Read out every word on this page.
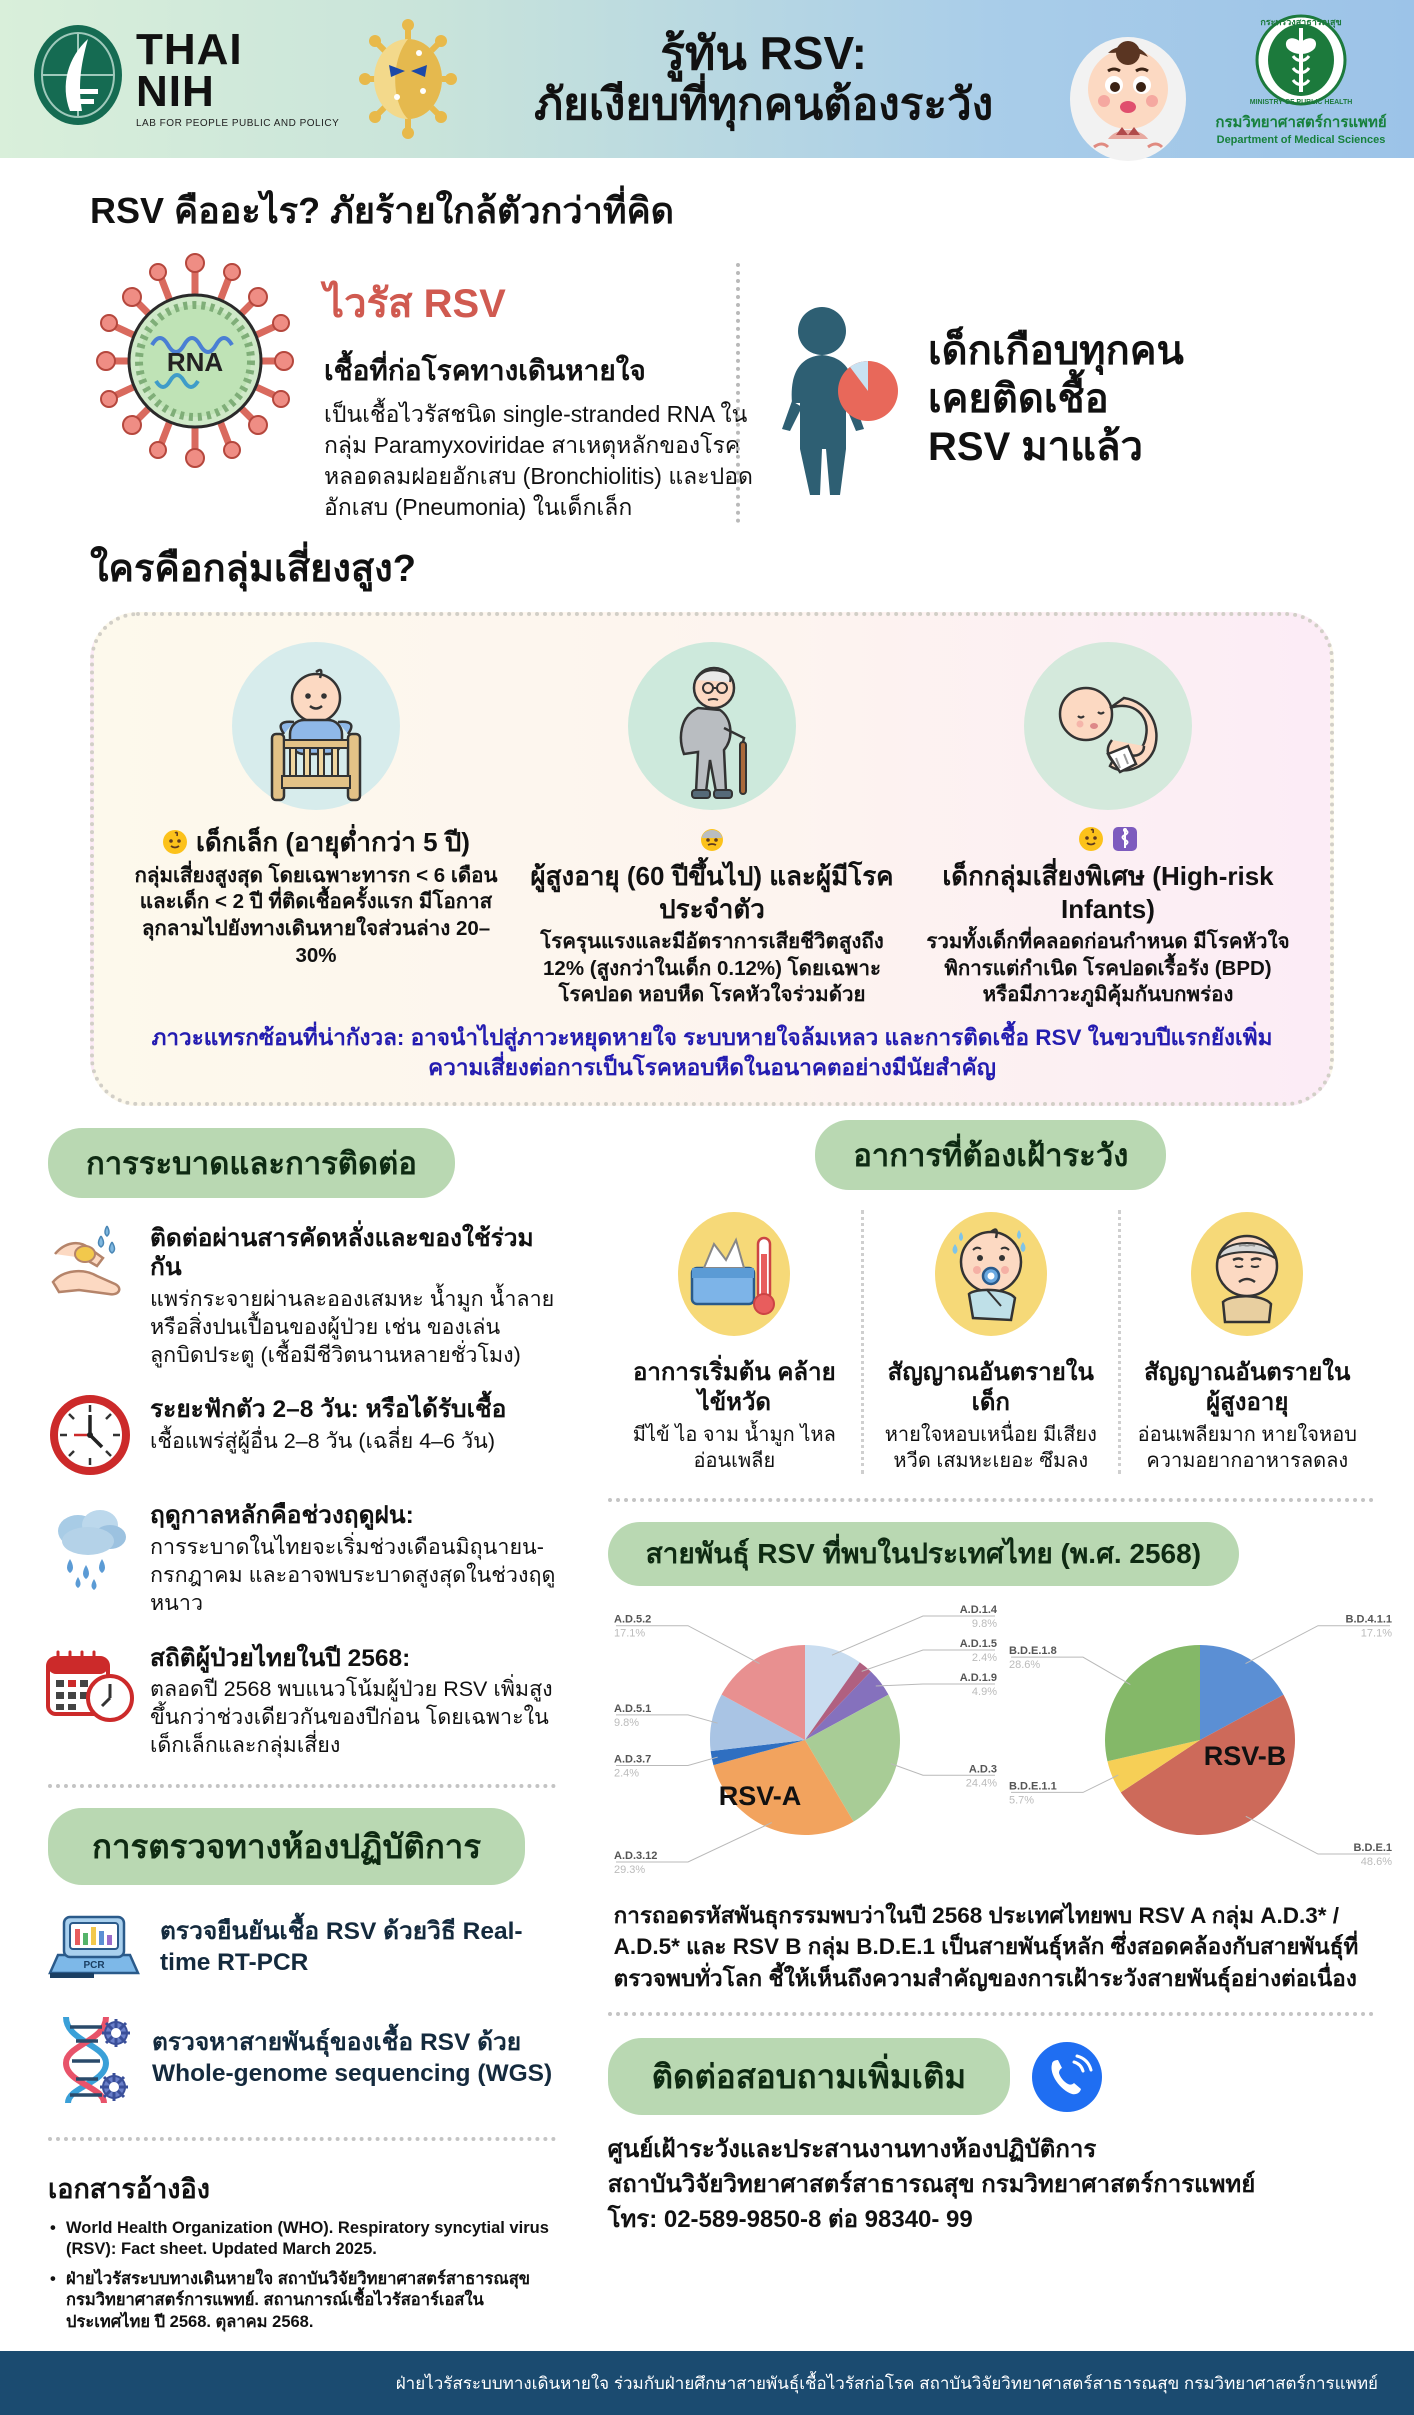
THAI
NIH
LAB FOR PEOPLE PUBLIC AND POLICY
รู้ทัน RSV:
ภัยเงียบที่ทุกคนต้องระวัง
กระทรวงสาธารณสุข
MINISTRY OF PUBLIC HEALTH
กรมวิทยาศาสตร์การแพทย์
Department of Medical Sciences
RSV คืออะไร? ภัยร้ายใกล้ตัวกว่าที่คิด
RNA
ไวรัส RSV
เชื้อที่ก่อโรคทางเดินหายใจ
เป็นเชื้อไวรัสชนิด single-stranded RNA ในกลุ่ม Paramyxoviridae สาเหตุหลักของโรคหลอดลมฝอยอักเสบ (Bronchiolitis) และปอดอักเสบ (Pneumonia) ในเด็กเล็ก
เด็กเกือบทุกคน
เคยติดเชื้อ
RSV มาแล้ว
ใครคือกลุ่มเสี่ยงสูง?
เด็กเล็ก (อายุต่ำกว่า 5 ปี)
กลุ่มเสี่ยงสูงสุด โดยเฉพาะทารก < 6 เดือน และเด็ก < 2 ปี ที่ติดเชื้อครั้งแรก มีโอกาสลุกลามไปยังทางเดินหายใจส่วนล่าง 20–30%
ผู้สูงอายุ (60 ปีขึ้นไป) และผู้มีโรคประจำตัว
โรครุนแรงและมีอัตราการเสียชีวิตสูงถึง 12% (สูงกว่าในเด็ก 0.12%) โดยเฉพาะโรคปอด หอบหืด โรคหัวใจร่วมด้วย
เด็กกลุ่มเสี่ยงพิเศษ (High-risk Infants)
รวมทั้งเด็กที่คลอดก่อนกำหนด มีโรคหัวใจพิการแต่กำเนิด โรคปอดเรื้อรัง (BPD) หรือมีภาวะภูมิคุ้มกันบกพร่อง
ภาวะแทรกซ้อนที่น่ากังวล: อาจนำไปสู่ภาวะหยุดหายใจ ระบบหายใจล้มเหลว และการติดเชื้อ RSV ในขวบปีแรกยังเพิ่มความเสี่ยงต่อการเป็นโรคหอบหืดในอนาคตอย่างมีนัยสำคัญ
การระบาดและการติดต่อ
ติดต่อผ่านสารคัดหลั่งและของใช้ร่วมกัน
แพร่กระจายผ่านละอองเสมหะ น้ำมูก น้ำลาย หรือสิ่งปนเปื้อนของผู้ป่วย เช่น ของเล่น ลูกบิดประตู (เชื้อมีชีวิตนานหลายชั่วโมง)
ระยะฟักตัว 2–8 วัน: หรือได้รับเชื้อ
เชื้อแพร่สู่ผู้อื่น 2–8 วัน (เฉลี่ย 4–6 วัน)
ฤดูกาลหลักคือช่วงฤดูฝน:
การระบาดในไทยจะเริ่มช่วงเดือนมิถุนายน-กรกฎาคม และอาจพบระบาดสูงสุดในช่วงฤดูหนาว
สถิติผู้ป่วยไทยในปี 2568:
ตลอดปี 2568 พบแนวโน้มผู้ป่วย RSV เพิ่มสูงขึ้นกว่าช่วงเดียวกันของปีก่อน โดยเฉพาะในเด็กเล็กและกลุ่มเสี่ยง
การตรวจทางห้องปฏิบัติการ
PCR
ตรวจยืนยันเชื้อ RSV ด้วยวิธี Real-time RT-PCR
ตรวจหาสายพันธุ์ของเชื้อ RSV ด้วย Whole-genome sequencing (WGS)
เอกสารอ้างอิง
• World Health Organization (WHO). Respiratory syncytial virus (RSV): Fact sheet. Updated March 2025.
• ฝ่ายไวรัสระบบทางเดินหายใจ สถาบันวิจัยวิทยาศาสตร์สาธารณสุข กรมวิทยาศาสตร์การแพทย์. สถานการณ์เชื้อไวรัสอาร์เอสในประเทศไทย ปี 2568. ตุลาคม 2568.
อาการที่ต้องเฝ้าระวัง
อาการเริ่มต้น คล้ายไข้หวัด
มีไข้ ไอ จาม น้ำมูก ไหล อ่อนเพลีย
สัญญาณอันตรายในเด็ก
หายใจหอบเหนื่อย มีเสียงหวีด เสมหะเยอะ ซึมลง
สัญญาณอันตรายใน ผู้สูงอายุ
อ่อนเพลียมาก หายใจหอบ ความอยากอาหารลดลง
สายพันธุ์ RSV ที่พบในประเทศไทย (พ.ศ. 2568)
A.D.5.2
17.1%
A.D.5.1
9.8%
A.D.3.7
2.4%
A.D.3.12
29.3%
A.D.1.4
9.8%
A.D.1.5
2.4%
A.D.1.9
4.9%
A.D.3
24.4%
RSV-A
B.D.E.1.8
28.6%
B.D.E.1.1
5.7%
B.D.4.1.1
17.1%
B.D.E.1
48.6%
RSV-B
การถอดรหัสพันธุกรรมพบว่าในปี 2568 ประเทศไทยพบ RSV A กลุ่ม A.D.3* / A.D.5* และ RSV B กลุ่ม B.D.E.1 เป็นสายพันธุ์หลัก ซึ่งสอดคล้องกับสายพันธุ์ที่ตรวจพบทั่วโลก ชี้ให้เห็นถึงความสำคัญของการเฝ้าระวังสายพันธุ์อย่างต่อเนื่อง
ติดต่อสอบถามเพิ่มเติม
ศูนย์เฝ้าระวังและประสานงานทางห้องปฏิบัติการ
สถาบันวิจัยวิทยาศาสตร์สาธารณสุข กรมวิทยาศาสตร์การแพทย์
โทร: 02-589-9850-8 ต่อ 98340- 99
ฝ่ายไวรัสระบบทางเดินหายใจ ร่วมกับฝ่ายศึกษาสายพันธุ์เชื้อไวรัสก่อโรค สถาบันวิจัยวิทยาศาสตร์สาธารณสุข กรมวิทยาศาสตร์การแพทย์
